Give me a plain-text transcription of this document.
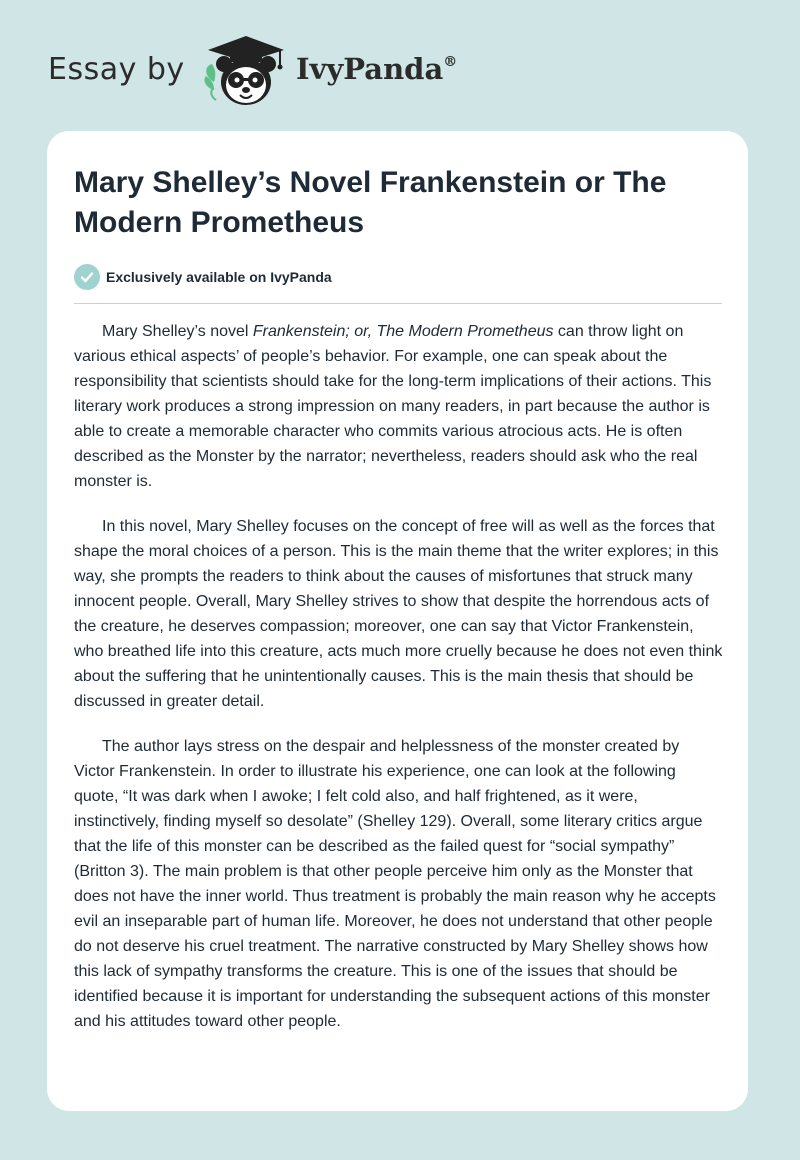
Essay by	IvyPanda®
Mary Shelley’s Novel Frankenstein or The Modern Prometheus
Exclusively available on IvyPanda

Mary Shelley’s novel Frankenstein; or, The Modern Prometheus can throw light on various ethical aspects’ of people’s behavior. For example, one can speak about the responsibility that scientists should take for the long-term implications of their actions. This literary work produces a strong impression on many readers, in part because the author is able to create a memorable character who commits various atrocious acts. He is often described as the Monster by the narrator; nevertheless, readers should ask who the real monster is.

In this novel, Mary Shelley focuses on the concept of free will as well as the forces that shape the moral choices of a person. This is the main theme that the writer explores; in this way, she prompts the readers to think about the causes of misfortunes that struck many innocent people. Overall, Mary Shelley strives to show that despite the horrendous acts of the creature, he deserves compassion; moreover, one can say that Victor Frankenstein, who breathed life into this creature, acts much more cruelly because he does not even think about the suffering that he unintentionally causes. This is the main thesis that should be discussed in greater detail.

The author lays stress on the despair and helplessness of the monster created by Victor Frankenstein. In order to illustrate his experience, one can look at the following quote, “It was dark when I awoke; I felt cold also, and half frightened, as it were, instinctively, finding myself so desolate” (Shelley 129). Overall, some literary critics argue that the life of this monster can be described as the failed quest for “social sympathy” (Britton 3). The main problem is that other people perceive him only as the Monster that does not have the inner world. Thus treatment is probably the main reason why he accepts evil an inseparable part of human life. Moreover, he does not understand that other people do not deserve his cruel treatment. The narrative constructed by Mary Shelley shows how this lack of sympathy transforms the creature. This is one of the issues that should be identified because it is important for understanding the subsequent actions of this monster and his attitudes toward other people.
